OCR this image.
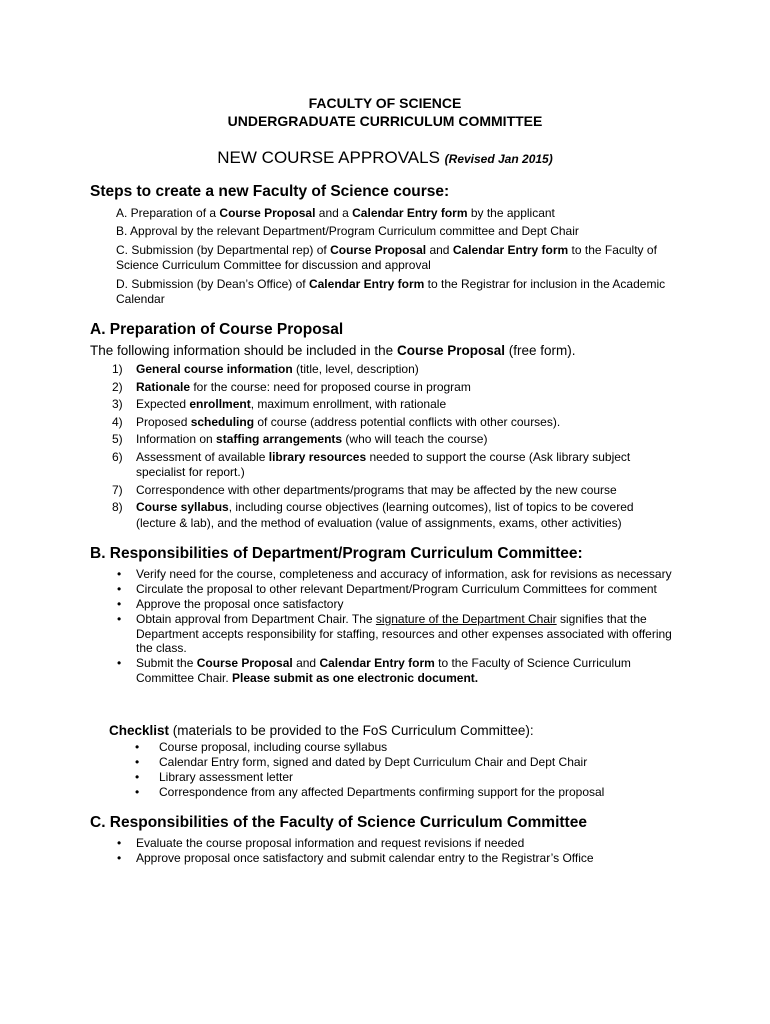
FACULTY OF SCIENCE
UNDERGRADUATE CURRICULUM COMMITTEE
NEW COURSE APPROVALS (Revised Jan 2015)
Steps to create a new Faculty of Science course:
A. Preparation of a Course Proposal and a Calendar Entry form by the applicant
B. Approval by the relevant Department/Program Curriculum committee and Dept Chair
C. Submission (by Departmental rep) of Course Proposal and Calendar Entry form to the Faculty of Science Curriculum Committee for discussion and approval
D. Submission (by Dean’s Office) of Calendar Entry form to the Registrar for inclusion in the Academic Calendar
A. Preparation of Course Proposal
The following information should be included in the Course Proposal (free form).
1) General course information (title, level, description)
2) Rationale for the course: need for proposed course in program
3) Expected enrollment, maximum enrollment, with rationale
4) Proposed scheduling of course (address potential conflicts with other courses).
5) Information on staffing arrangements (who will teach the course)
6) Assessment of available library resources needed to support the course (Ask library subject specialist for report.)
7) Correspondence with other departments/programs that may be affected by the new course
8) Course syllabus, including course objectives (learning outcomes), list of topics to be covered (lecture & lab), and the method of evaluation (value of assignments, exams, other activities)
B. Responsibilities of Department/Program Curriculum Committee:
• Verify need for the course, completeness and accuracy of information, ask for revisions as necessary
• Circulate the proposal to other relevant Department/Program Curriculum Committees for comment
• Approve the proposal once satisfactory
• Obtain approval from Department Chair. The signature of the Department Chair signifies that the Department accepts responsibility for staffing, resources and other expenses associated with offering the class.
• Submit the Course Proposal and Calendar Entry form to the Faculty of Science Curriculum Committee Chair. Please submit as one electronic document.
Checklist (materials to be provided to the FoS Curriculum Committee):
• Course proposal, including course syllabus
• Calendar Entry form, signed and dated by Dept Curriculum Chair and Dept Chair
• Library assessment letter
• Correspondence from any affected Departments confirming support for the proposal
C. Responsibilities of the Faculty of Science Curriculum Committee
• Evaluate the course proposal information and request revisions if needed
• Approve proposal once satisfactory and submit calendar entry to the Registrar’s Office
